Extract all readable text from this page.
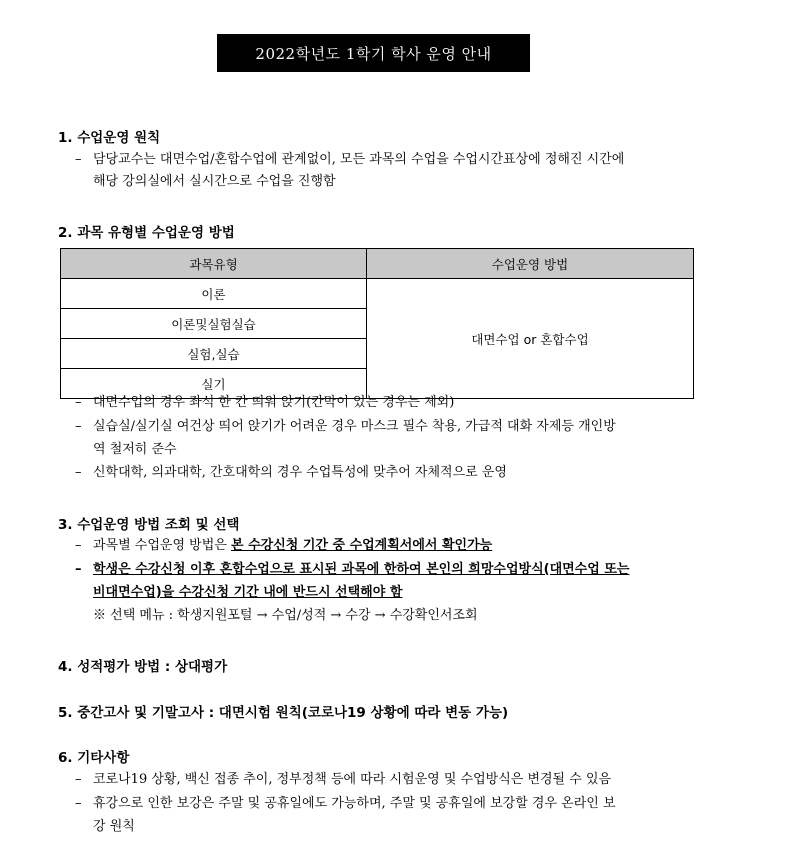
2022학년도 1학기 학사 운영 안내
1. 수업운영 원칙
– 담당교수는 대면수업/혼합수업에 관계없이, 모든 과목의 수업을 수업시간표상에 정해진 시간에
해당 강의실에서 실시간으로 수업을 진행함
2. 과목 유형별 수업운영 방법
과목유형	수업운영 방법
이론	대면수업 or 혼합수업
이론및실험실습	
실험,실습	
실기	
– 대면수업의 경우 좌석 한 칸 띄워 앉기(칸막이 있는 경우는 제외)
– 실습실/실기실 여건상 띄어 앉기가 어려운 경우 마스크 필수 착용, 가급적 대화 자제등 개인방
역 철저히 준수
– 신학대학, 의과대학, 간호대학의 경우 수업특성에 맞추어 자체적으로 운영
3. 수업운영 방법 조회 및 선택
– 과목별 수업운영 방법은 본 수강신청 기간 중 수업계획서에서 확인가능
– 학생은 수강신청 이후 혼합수업으로 표시된 과목에 한하여 본인의 희망수업방식(대면수업 또는
비대면수업)을 수강신청 기간 내에 반드시 선택해야 함
※ 선택 메뉴 : 학생지원포털 → 수업/성적 → 수강 → 수강확인서조회
4. 성적평가 방법 : 상대평가
5. 중간고사 및 기말고사 : 대면시험 원칙(코로나19 상황에 따라 변동 가능)
6. 기타사항
– 코로나19 상황, 백신 접종 추이, 정부정책 등에 따라 시험운영 및 수업방식은 변경될 수 있음
– 휴강으로 인한 보강은 주말 및 공휴일에도 가능하며, 주말 및 공휴일에 보강할 경우 온라인 보
강 원칙
